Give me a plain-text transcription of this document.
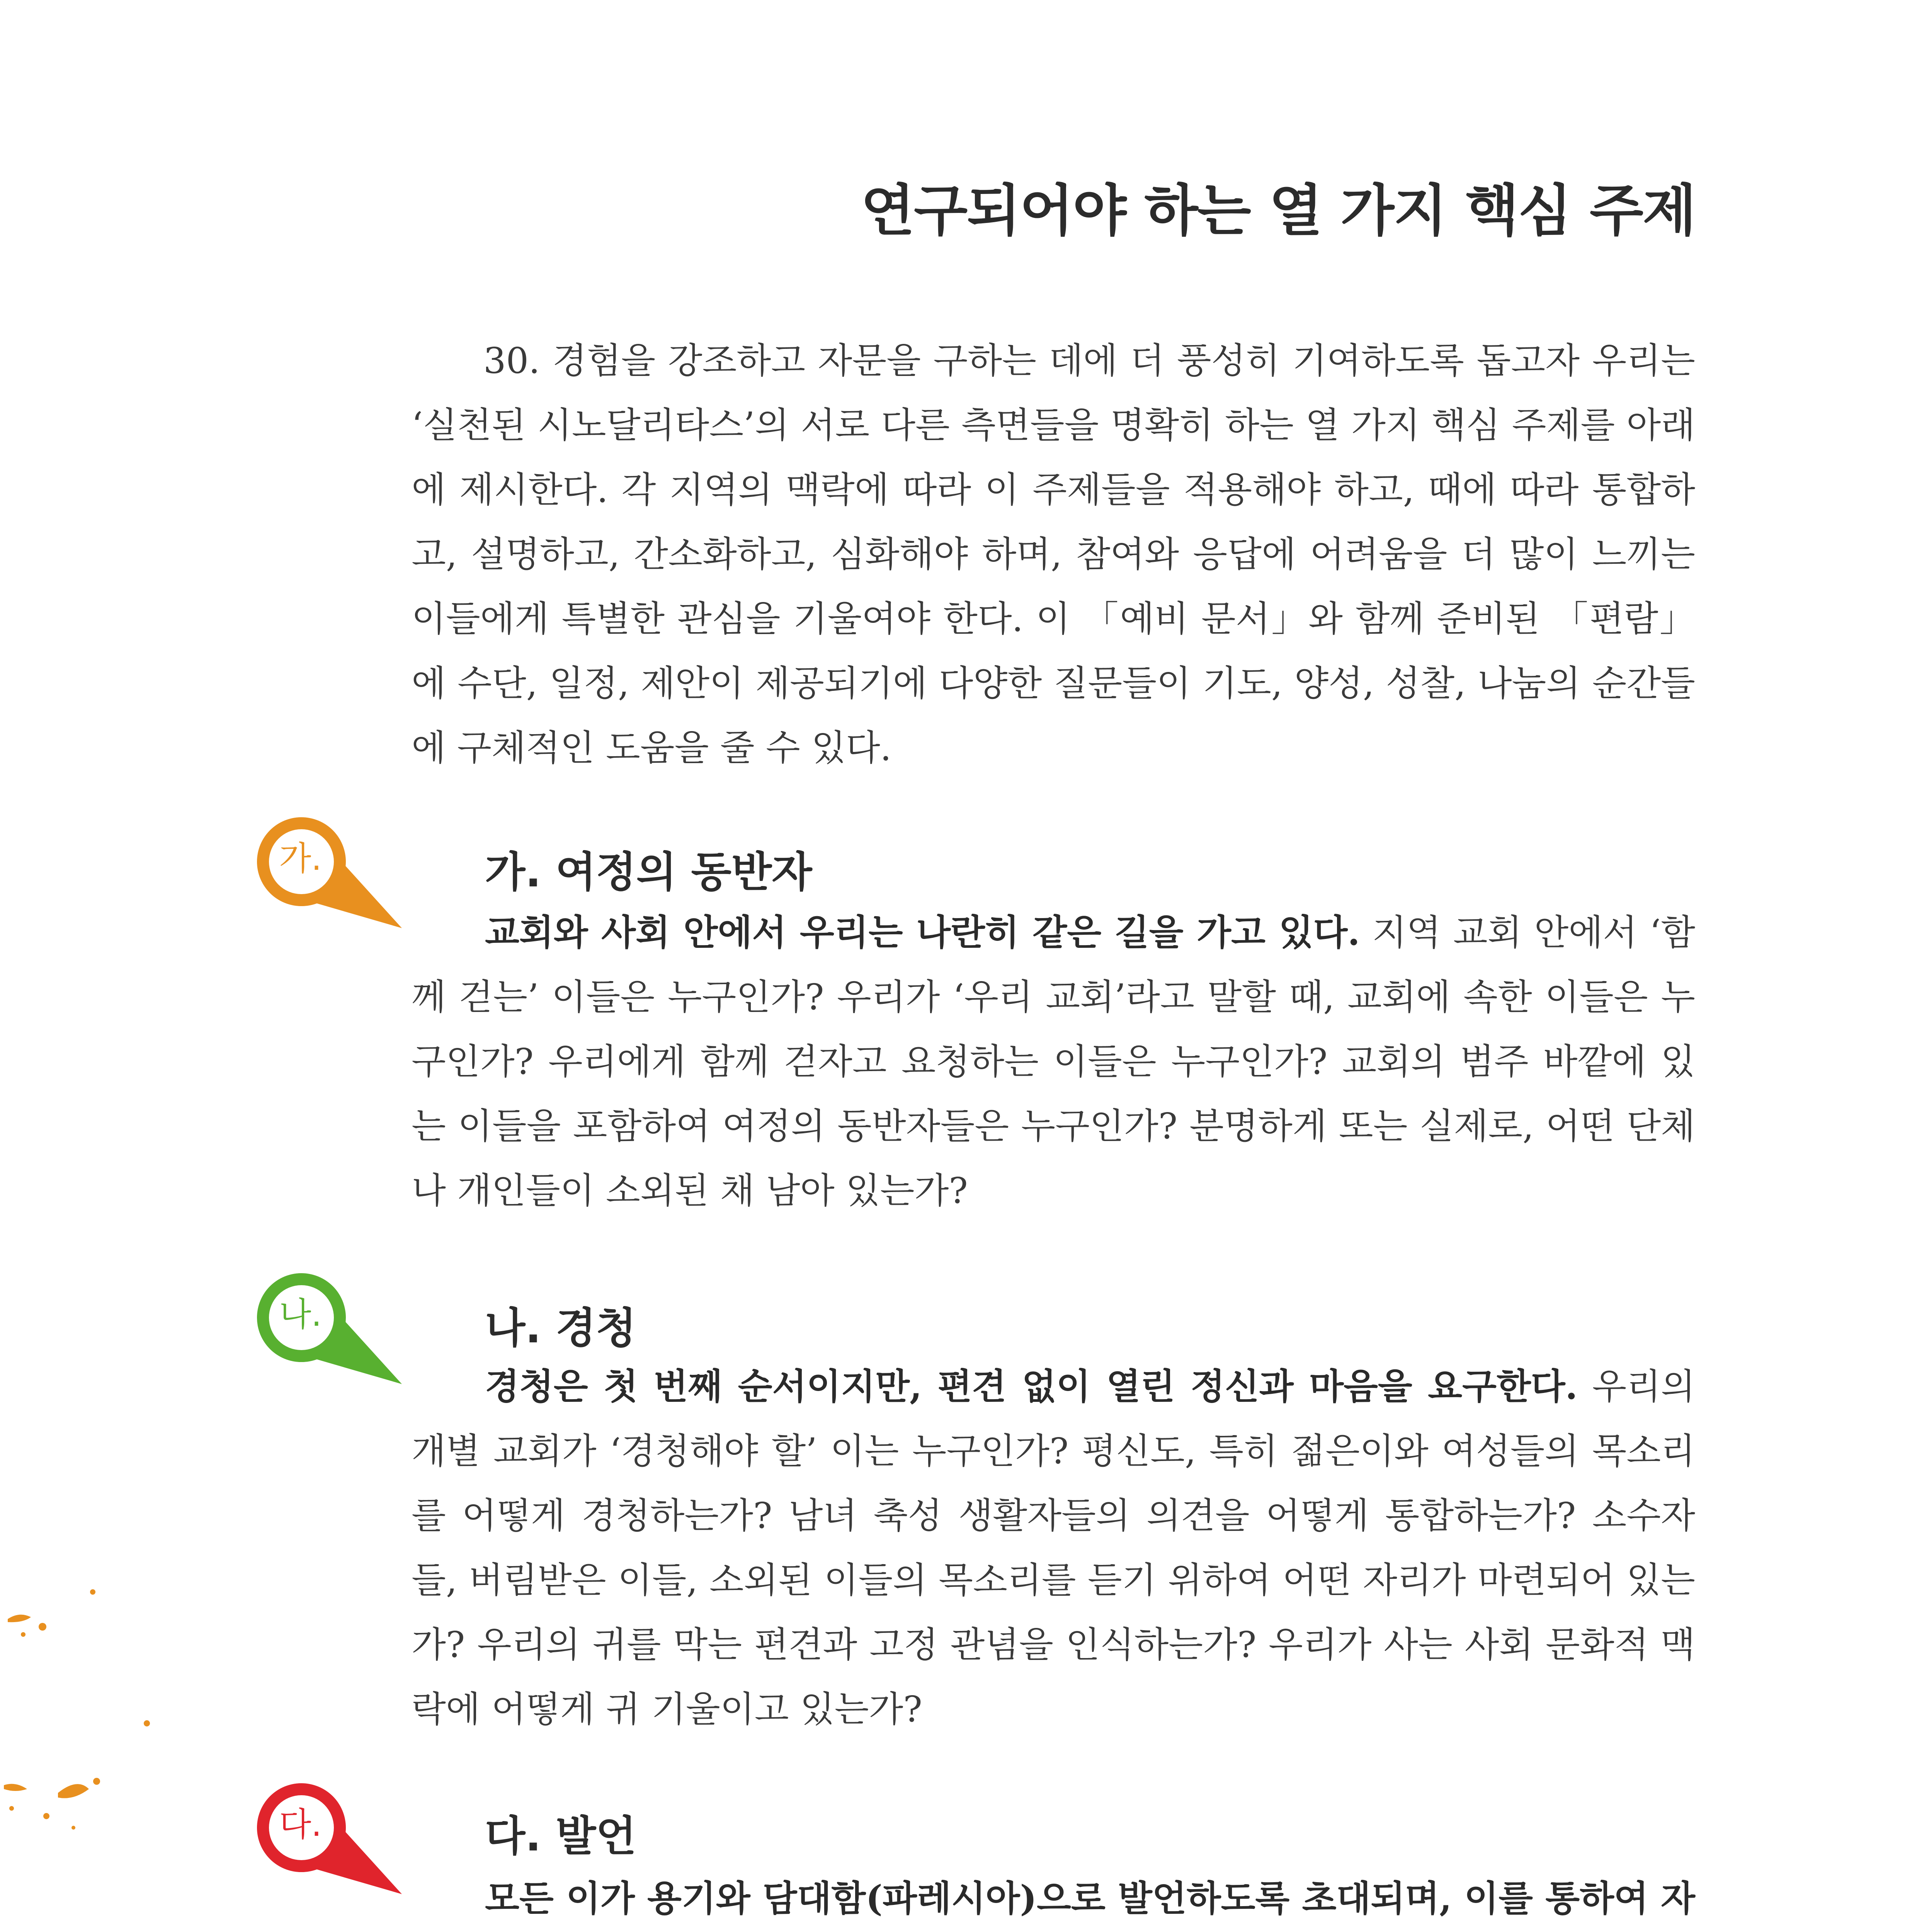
연구되어야 하는 열 가지 핵심 주제

30. 경험을 강조하고 자문을 구하는 데에 더 풍성히 기여하도록 돕고자 우리는 ‘실천된 시노달리타스’의 서로 다른 측면들을 명확히 하는 열 가지 핵심 주제를 아래에 제시한다. 각 지역의 맥락에 따라 이 주제들을 적용해야 하고, 때에 따라 통합하고, 설명하고, 간소화하고, 심화해야 하며, 참여와 응답에 어려움을 더 많이 느끼는 이들에게 특별한 관심을 기울여야 한다. 이 「예비 문서」와 함께 준비된 「편람」에 수단, 일정, 제안이 제공되기에 다양한 질문들이 기도, 양성, 성찰, 나눔의 순간들에 구체적인 도움을 줄 수 있다.

가.	가. 여정의 동반자

교회와 사회 안에서 우리는 나란히 같은 길을 가고 있다. 지역 교회 안에서 ‘함께 걷는’ 이들은 누구인가? 우리가 ‘우리 교회’라고 말할 때, 교회에 속한 이들은 누구인가? 우리에게 함께 걷자고 요청하는 이들은 누구인가? 교회의 범주 바깥에 있는 이들을 포함하여 여정의 동반자들은 누구인가? 분명하게 또는 실제로, 어떤 단체나 개인들이 소외된 채 남아 있는가?

나.	나. 경청

경청은 첫 번째 순서이지만, 편견 없이 열린 정신과 마음을 요구한다. 우리의 개별 교회가 ‘경청해야 할’ 이는 누구인가? 평신도, 특히 젊은이와 여성들의 목소리를 어떻게 경청하는가? 남녀 축성 생활자들의 의견을 어떻게 통합하는가? 소수자들, 버림받은 이들, 소외된 이들의 목소리를 듣기 위하여 어떤 자리가 마련되어 있는가? 우리의 귀를 막는 편견과 고정 관념을 인식하는가? 우리가 사는 사회 문화적 맥락에 어떻게 귀 기울이고 있는가?

다.	다. 발언

모든 이가 용기와 담대함(파레시아)으로 발언하도록 초대되며, 이를 통하여 자
